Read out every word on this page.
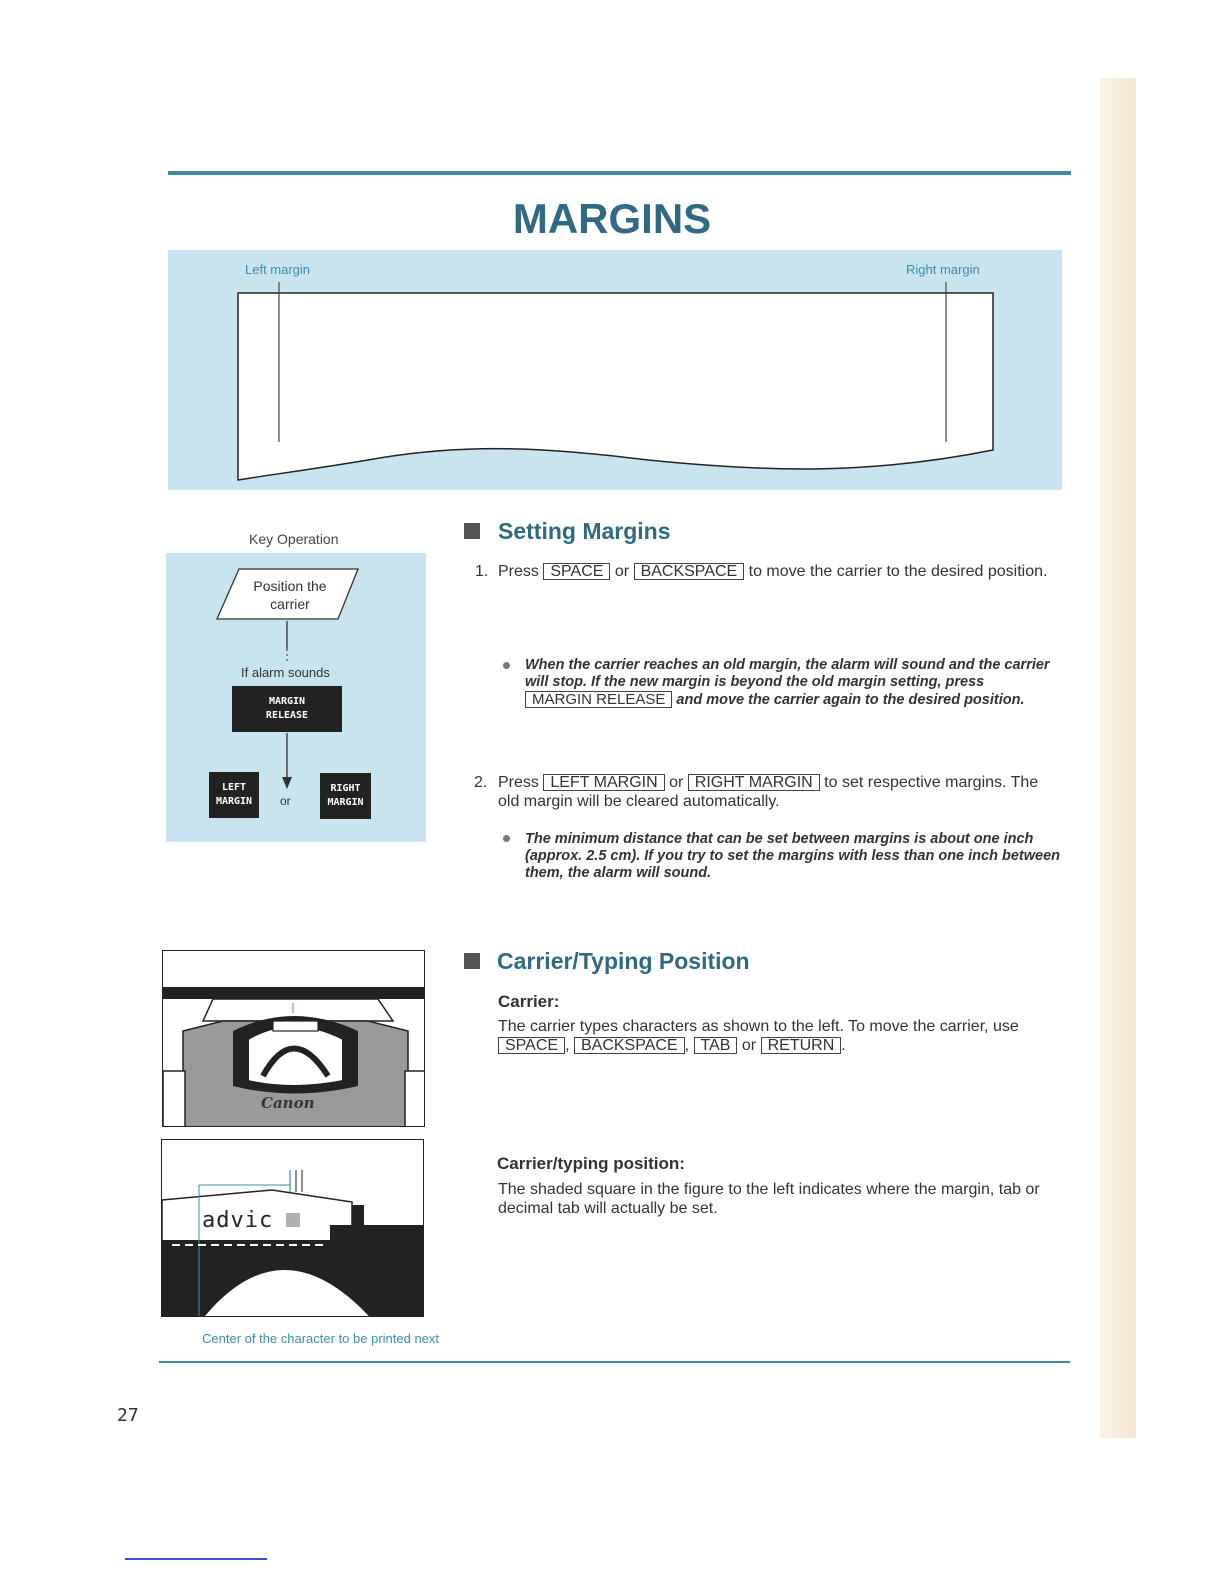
MARGINS
Left margin	Right margin
Key Operation
Position the carrier
If alarm sounds
MARGIN RELEASE
LEFT MARGIN	or
RIGHT MARGIN
Setting Margins
1. Press SPACE or BACKSPACE to move the carrier to the desired position.
When the carrier reaches an old margin, the alarm will sound and the carrier will stop. If the new margin is beyond the old margin setting, press MARGIN RELEASE and move the carrier again to the desired position.
2. Press LEFT MARGIN or RIGHT MARGIN to set respective margins. The old margin will be cleared automatically.
The minimum distance that can be set between margins is about one inch (approx. 2.5 cm). If you try to set the margins with less than one inch between them, the alarm will sound.
Canon
advic
Center of the character to be printed next
Carrier/Typing Position
Carrier:
The carrier types characters as shown to the left. To move the carrier, use SPACE , BACKSPACE , TAB or RETURN .
Carrier/typing position:
The shaded square in the figure to the left indicates where the margin, tab or decimal tab will actually be set.
27
